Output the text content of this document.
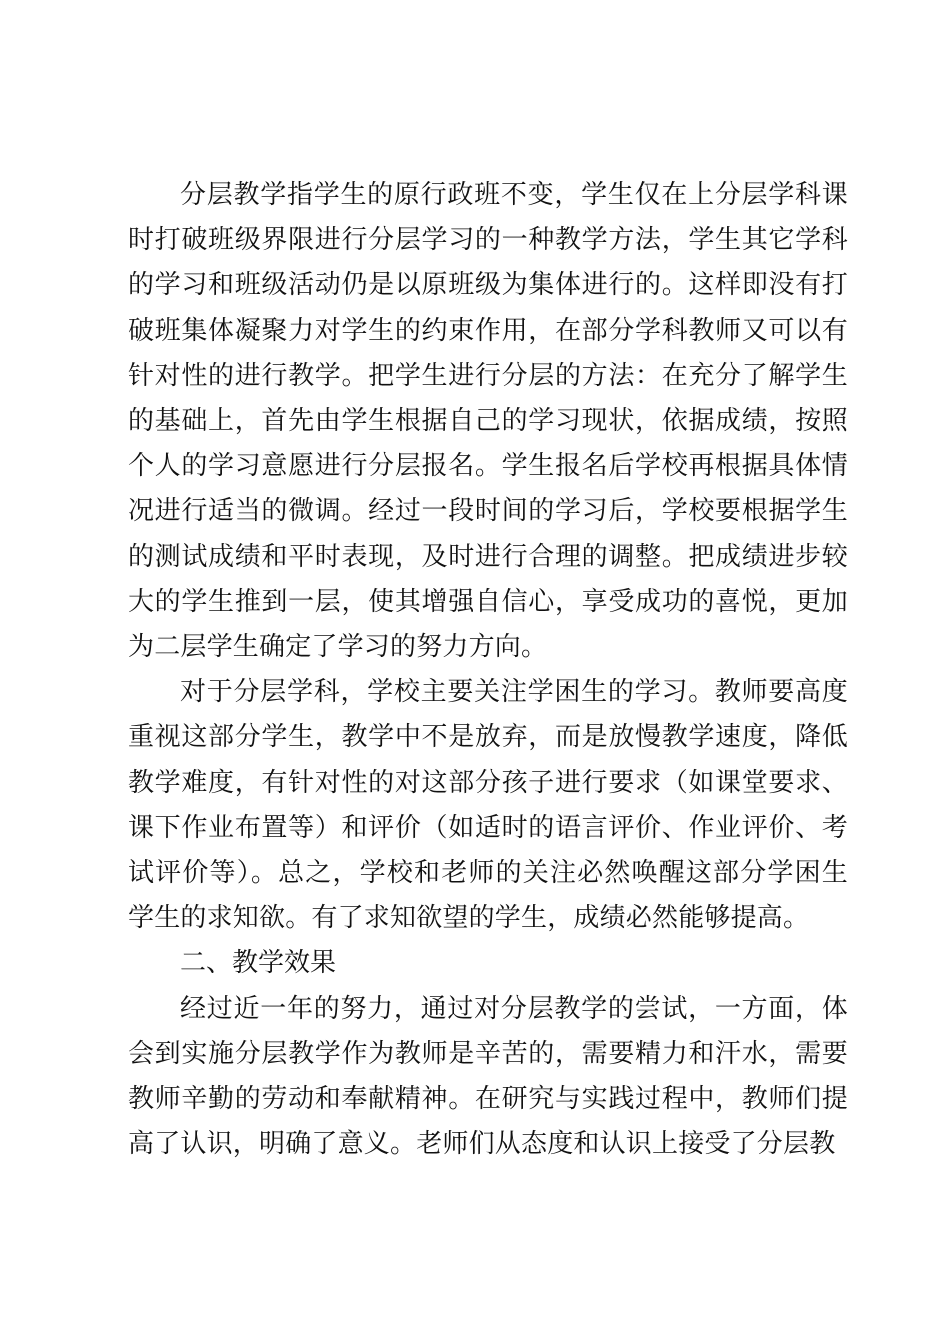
分层教学指学生的原行政班不变，学生仅在上分层学科课时打破班级界限进行分层学习的一种教学方法，学生其它学科的学习和班级活动仍是以原班级为集体进行的。这样即没有打破班集体凝聚力对学生的约束作用，在部分学科教师又可以有针对性的进行教学。把学生进行分层的方法：在充分了解学生的基础上，首先由学生根据自己的学习现状，依据成绩，按照个人的学习意愿进行分层报名。学生报名后学校再根据具体情况进行适当的微调。经过一段时间的学习后，学校要根据学生的测试成绩和平时表现，及时进行合理的调整。把成绩进步较大的学生推到一层，使其增强自信心，享受成功的喜悦，更加为二层学生确定了学习的努力方向。

对于分层学科，学校主要关注学困生的学习。教师要高度重视这部分学生，教学中不是放弃，而是放慢教学速度，降低教学难度，有针对性的对这部分孩子进行要求（如课堂要求、课下作业布置等）和评价（如适时的语言评价、作业评价、考试评价等）。总之，学校和老师的关注必然唤醒这部分学困生学生的求知欲。有了求知欲望的学生，成绩必然能够提高。

二、教学效果

经过近一年的努力，通过对分层教学的尝试，一方面，体会到实施分层教学作为教师是辛苦的，需要精力和汗水，需要教师辛勤的劳动和奉献精神。在研究与实践过程中，教师们提高了认识，明确了意义。老师们从态度和认识上接受了分层教
